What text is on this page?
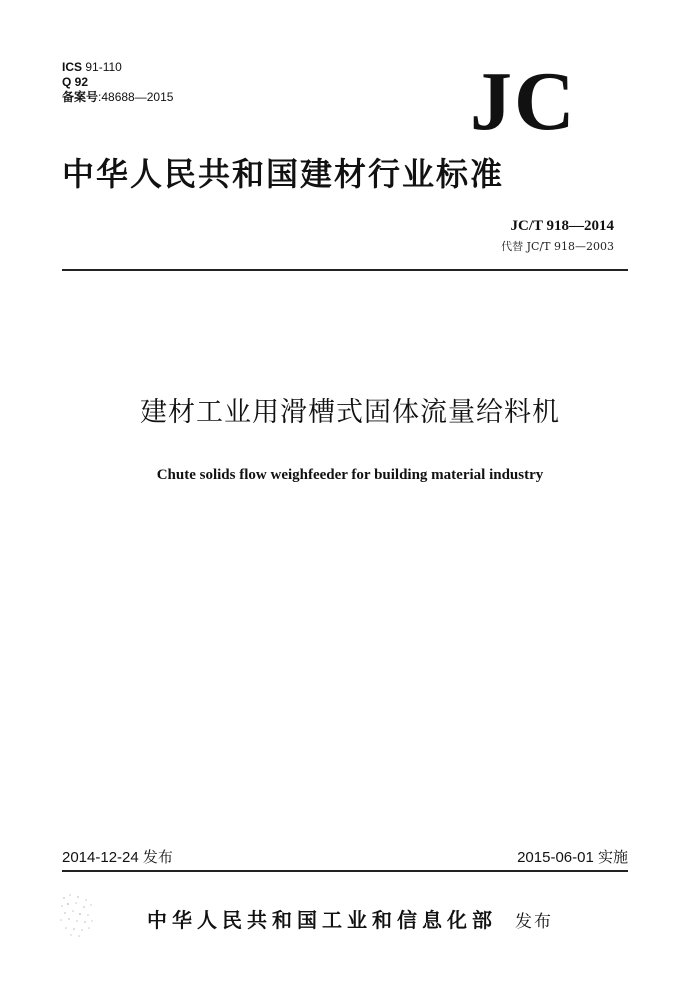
ICS 91-110
Q 92
备案号:48688—2015	JC
中华人民共和国建材行业标准
JC/T 918—2014
代替 JC/T 918—2003
建材工业用滑槽式固体流量给料机
Chute solids flow weighfeeder for building material industry
2014-12-24 发布	2015-06-01 实施
中华人民共和国工业和信息化部 发布
